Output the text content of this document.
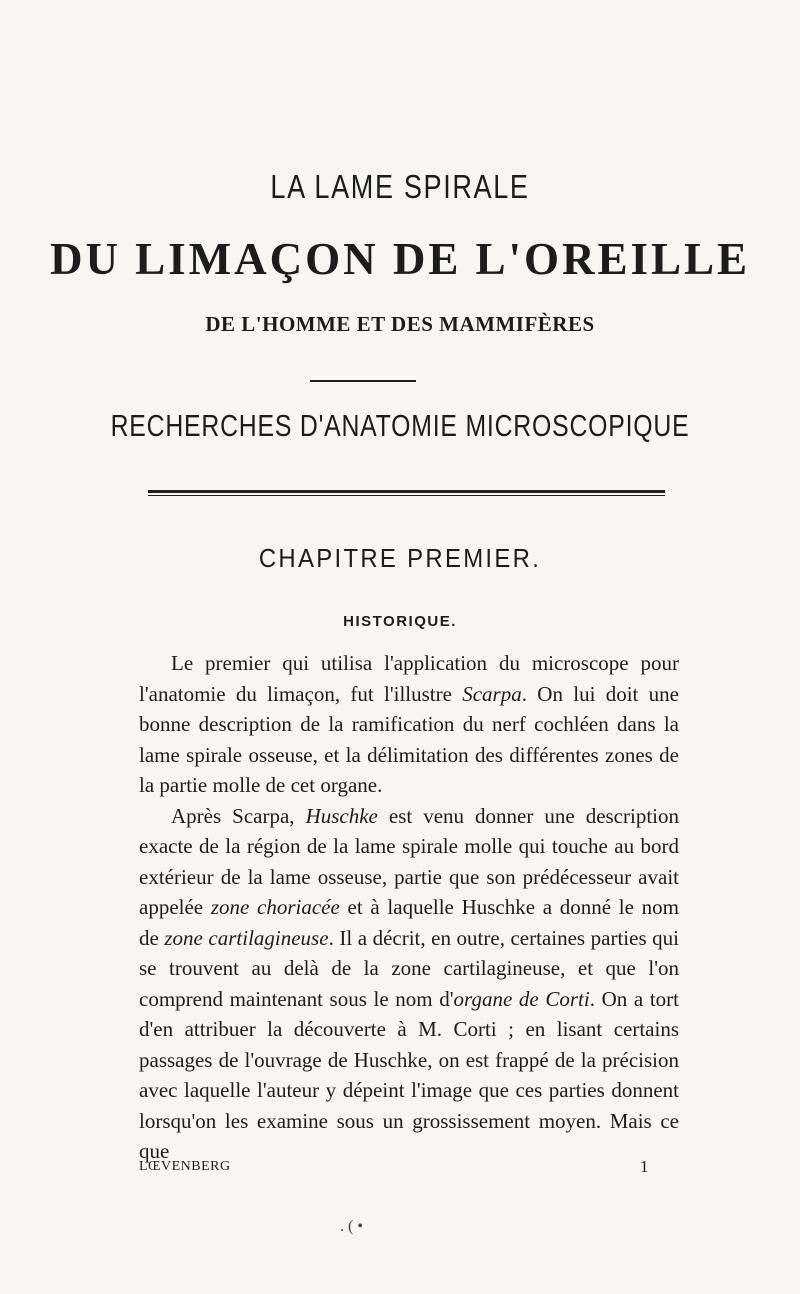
LA LAME SPIRALE
DU LIMAÇON DE L'OREILLE
DE L'HOMME ET DES MAMMIFÈRES
RECHERCHES D'ANATOMIE MICROSCOPIQUE
CHAPITRE PREMIER.
HISTORIQUE.

Le premier qui utilisa l'application du microscope pour l'anatomie du limaçon, fut l'illustre Scarpa. On lui doit une bonne description de la ramification du nerf cochléen dans la lame spirale osseuse, et la délimitation des différentes zones de la partie molle de cet organe.

Après Scarpa, Huschke est venu donner une description exacte de la région de la lame spirale molle qui touche au bord extérieur de la lame osseuse, partie que son prédécesseur avait appelée zone choriacée et à laquelle Huschke a donné le nom de zone cartilagineuse. Il a décrit, en outre, certaines parties qui se trouvent au delà de la zone cartilagineuse, et que l'on comprend maintenant sous le nom d'organe de Corti. On a tort d'en attribuer la découverte à M. Corti ; en lisant certains passages de l'ouvrage de Huschke, on est frappé de la précision avec laquelle l'auteur y dépeint l'image que ces parties donnent lorsqu'on les examine sous un grossissement moyen. Mais ce que

LŒVENBERG	1
. ( •
